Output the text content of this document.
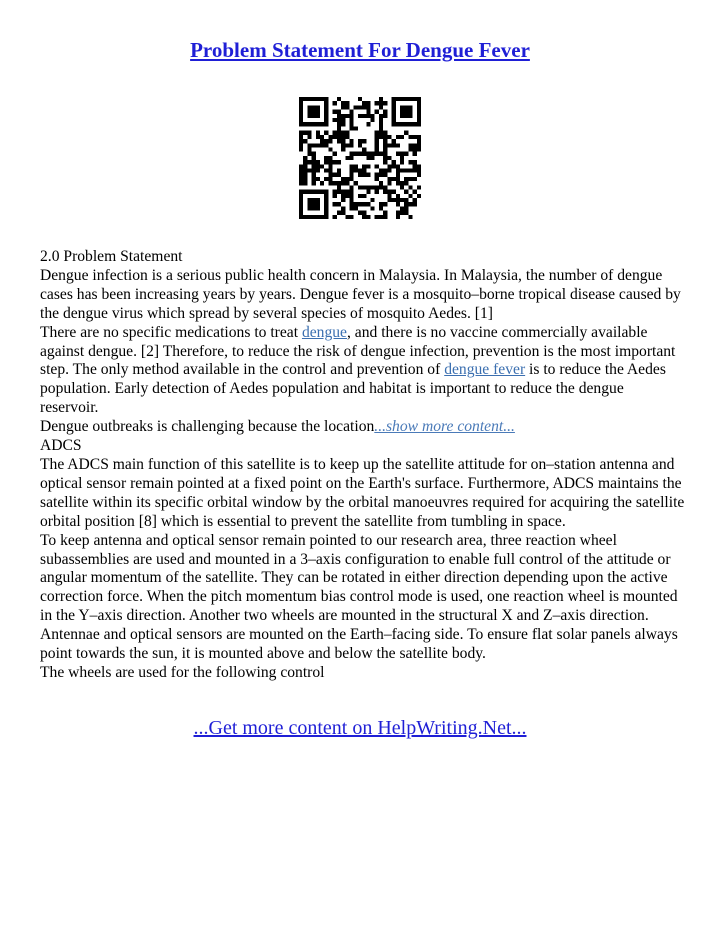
Problem Statement For Dengue Fever

2.0 Problem Statement

Dengue infection is a serious public health concern in Malaysia. In Malaysia, the number of dengue cases has been increasing years by years. Dengue fever is a mosquito–borne tropical disease caused by the dengue virus which spread by several species of mosquito Aedes. [1]

There are no specific medications to treat dengue, and there is no vaccine commercially available against dengue. [2] Therefore, to reduce the risk of dengue infection, prevention is the most important step. The only method available in the control and prevention of dengue fever is to reduce the Aedes population. Early detection of Aedes population and habitat is important to reduce the dengue reservoir.

Dengue outbreaks is challenging because the location...show more content...

ADCS

The ADCS main function of this satellite is to keep up the satellite attitude for on–station antenna and optical sensor remain pointed at a fixed point on the Earth's surface. Furthermore, ADCS maintains the satellite within its specific orbital window by the orbital manoeuvres required for acquiring the satellite orbital position [8] which is essential to prevent the satellite from tumbling in space.

To keep antenna and optical sensor remain pointed to our research area, three reaction wheel subassemblies are used and mounted in a 3–axis configuration to enable full control of the attitude or angular momentum of the satellite. They can be rotated in either direction depending upon the active correction force. When the pitch momentum bias control mode is used, one reaction wheel is mounted in the Y–axis direction. Another two wheels are mounted in the structural X and Z–axis direction. Antennae and optical sensors are mounted on the Earth–facing side. To ensure flat solar panels always point towards the sun, it is mounted above and below the satellite body.

The wheels are used for the following control

...Get more content on HelpWriting.Net...
